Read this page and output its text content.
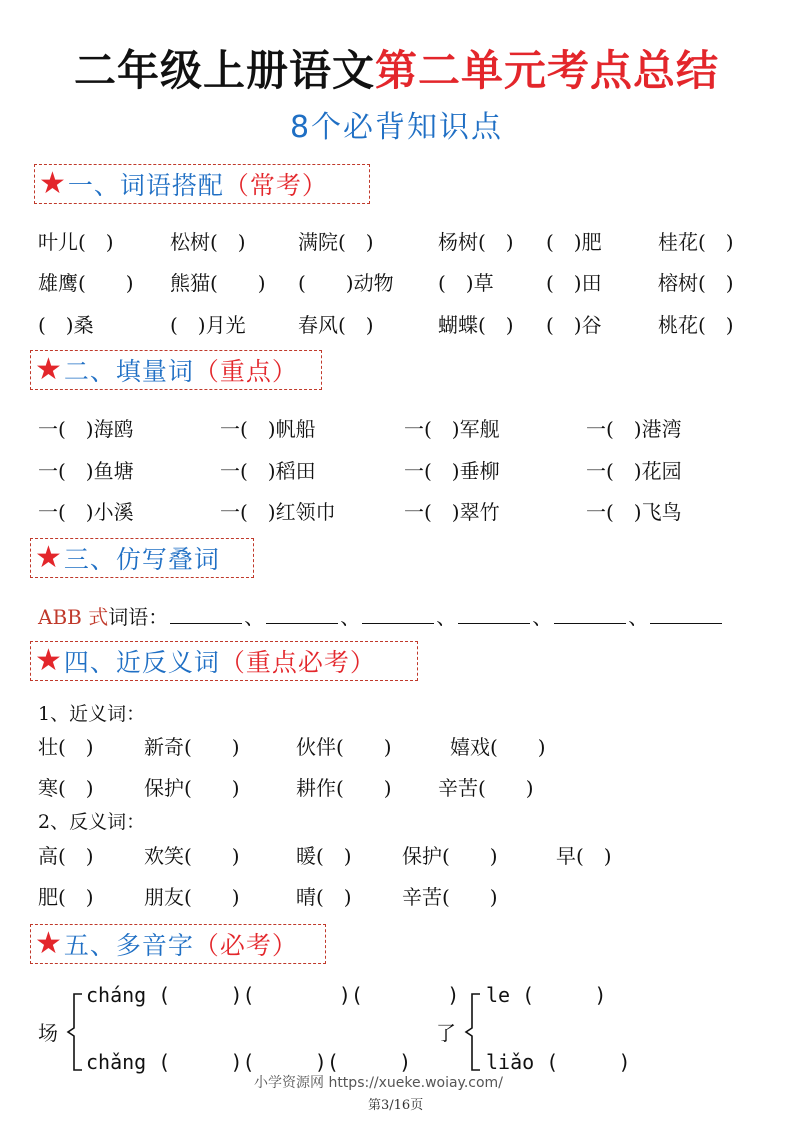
二年级上册语文第二单元考点总结
8个必背知识点
★ 一、词语搭配 （常考）
叶儿(　)	松树(　)	满院(　)	杨树(　) (　)肥	桂花(　)
雄鹰(　　) 熊猫(　　) (　　)动物 (　)草	(　)田	榕树(　)
(　)桑	(　)月光	春风(　)	蝴蝶(　) (　)谷	桃花(　)
★ 二、填量词 （重点）
一(　)海鸥	一(　)帆船	一(　)军舰	一(　)港湾
一(　)鱼塘	一(　)稻田	一(　)垂柳	一(　)花园
一(　)小溪	一(　)红领巾	一(　)翠竹	一(　)飞鸟
★ 三、仿写叠词
ABB 式词语：	、	、	、	、	、
★ 四、近反义词 （重点必考）
1、近义词：
壮(　)	新奇(　　)	伙伴(　　)	嬉戏(　　)
寒(　)	保护(　　)	耕作(　　) 辛苦(　　)
2、反义词：
高(　)	欢笑(　　)	暖(　)	保护(　　)	早(　)
肥(　)	朋友(　　)	晴(　)	辛苦(　　)
★ 五、多音字 （必考）
场
cháng (     )(       )(       )
chǎng (     )(     )(     )
了
le (     )
liǎo (     )
小学资源网 https://xueke.woiay.com/
第3/16页
